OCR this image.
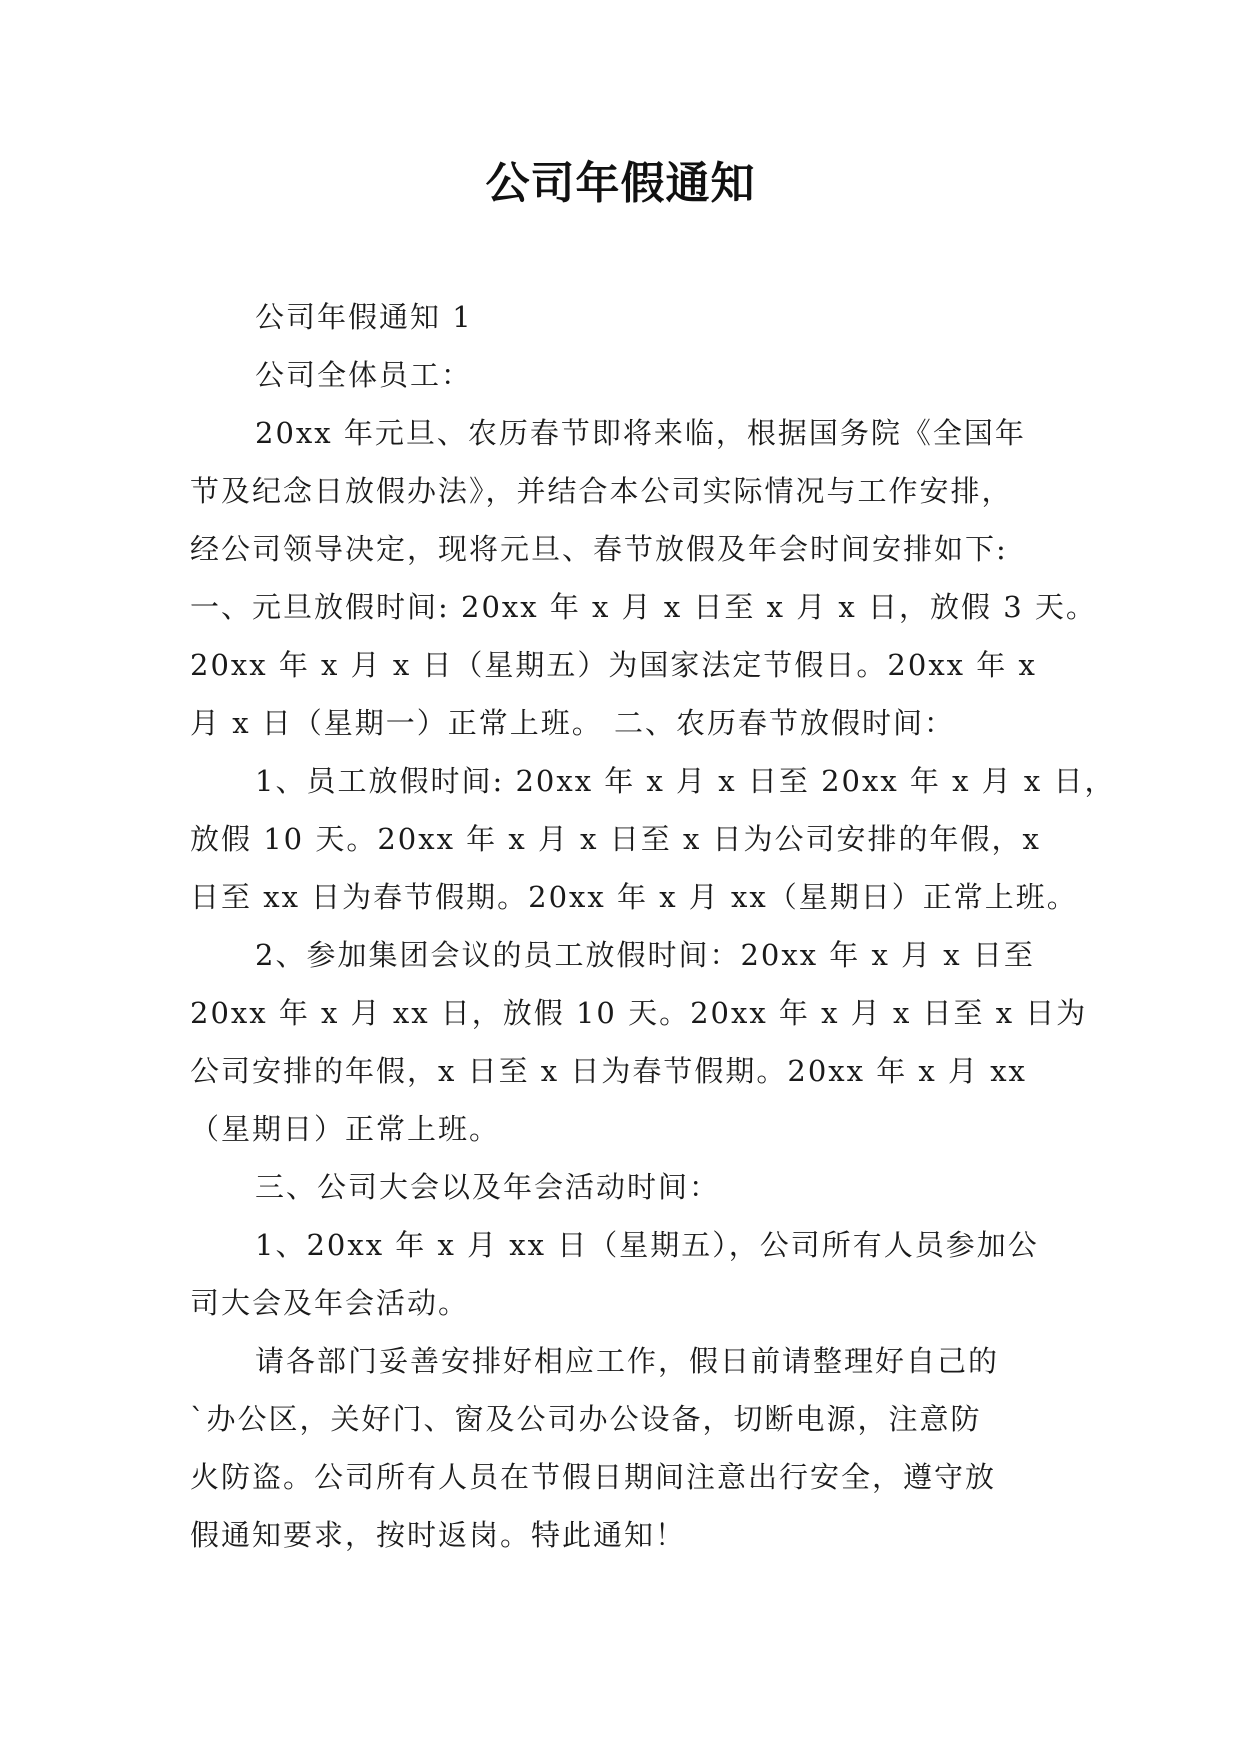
公司年假通知
公司年假通知 1
公司全体员工：
20xx 年元旦、农历春节即将来临，根据国务院《全国年
节及纪念日放假办法》，并结合本公司实际情况与工作安排，
经公司领导决定，现将元旦、春节放假及年会时间安排如下:
一、元旦放假时间: 20xx 年 x 月 x 日至 x 月 x 日，放假 3 天。
20xx 年 x 月 x 日（星期五）为国家法定节假日。20xx 年 x
月 x 日（星期一）正常上班。 二、农历春节放假时间：
1、员工放假时间: 20xx 年 x 月 x 日至 20xx 年 x 月 x 日，
放假 10 天。20xx 年 x 月 x 日至 x 日为公司安排的年假，x
日至 xx 日为春节假期。20xx 年 x 月 xx（星期日）正常上班。
2、参加集团会议的员工放假时间：20xx 年 x 月 x 日至
20xx 年 x 月 xx 日，放假 10 天。20xx 年 x 月 x 日至 x 日为
公司安排的年假，x 日至 x 日为春节假期。20xx 年 x 月 xx
（星期日）正常上班。
三、公司大会以及年会活动时间：
1、20xx 年 x 月 xx 日（星期五），公司所有人员参加公
司大会及年会活动。
请各部门妥善安排好相应工作，假日前请整理好自己的
`办公区，关好门、窗及公司办公设备，切断电源，注意防
火防盗。公司所有人员在节假日期间注意出行安全，遵守放
假通知要求，按时返岗。特此通知！
